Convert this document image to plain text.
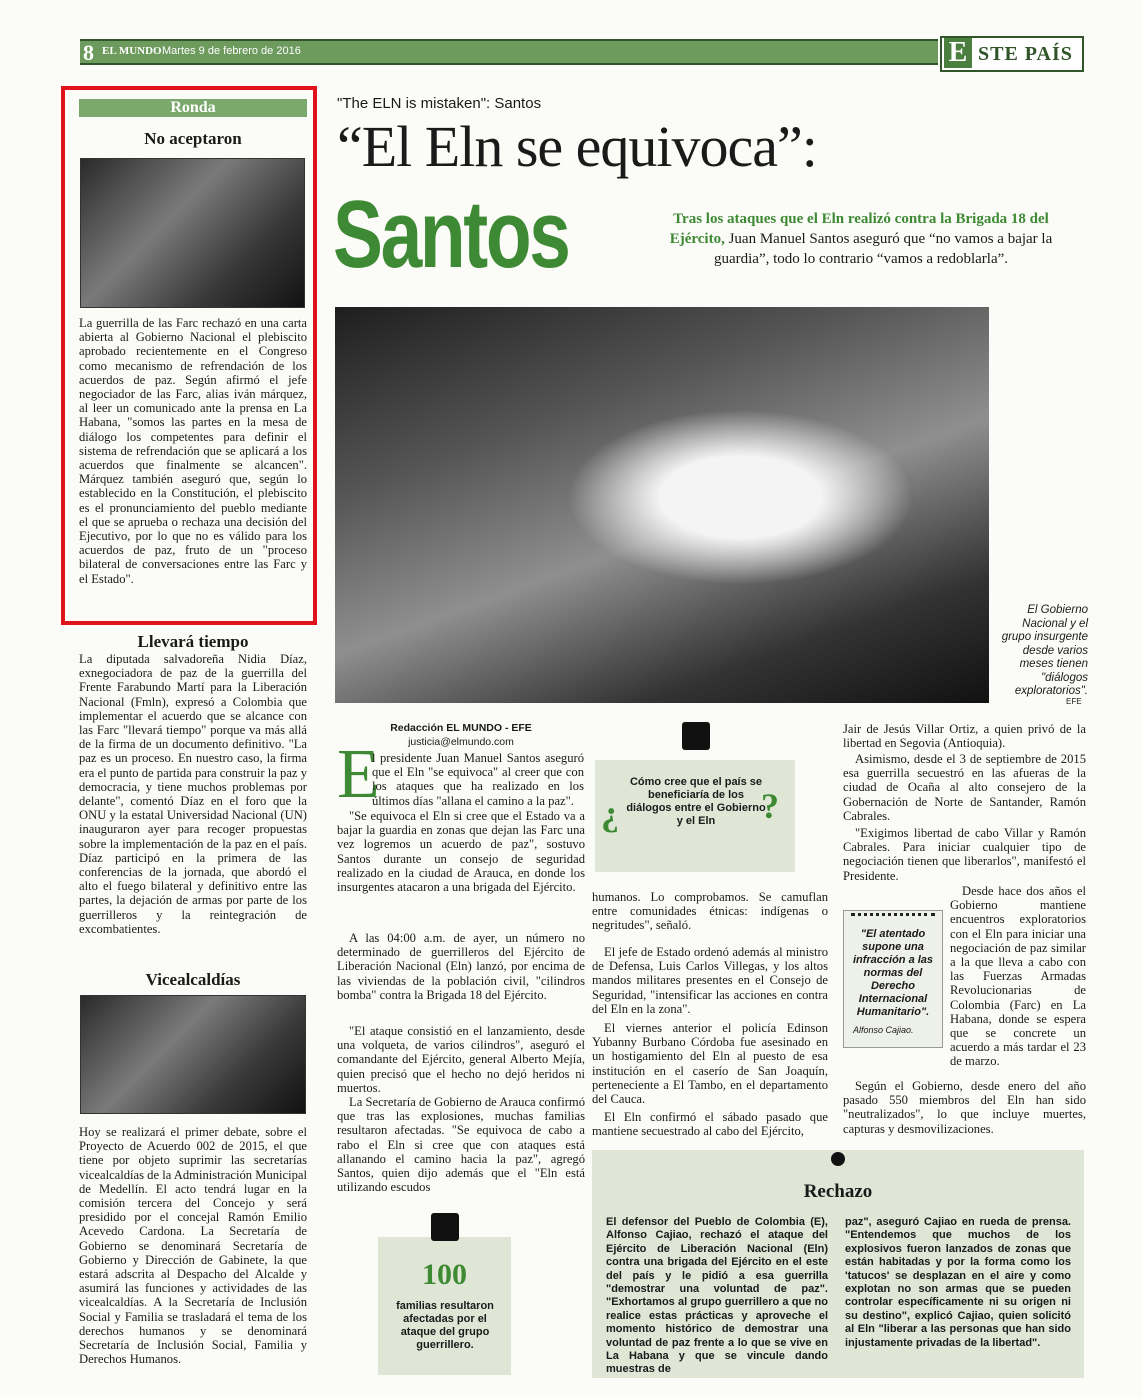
8 EL MUNDO Martes 9 de febrero de 2016	E STE PAÍS
Ronda
No aceptaron
La guerrilla de las Farc rechazó en una carta abierta al Gobierno Nacional el plebiscito aprobado recientemente en el Congreso como mecanismo de refrendación de los acuerdos de paz. Según afirmó el jefe negociador de las Farc, alias iván márquez, al leer un comunicado ante la prensa en La Habana, "somos las partes en la mesa de diálogo los competentes para definir el sistema de refrendación que se aplicará a los acuerdos que finalmente se alcancen". Márquez también aseguró que, según lo establecido en la Constitución, el plebiscito es el pronunciamiento del pueblo mediante el que se aprueba o rechaza una decisión del Ejecutivo, por lo que no es válido para los acuerdos de paz, fruto de un "proceso bilateral de conversaciones entre las Farc y el Estado".
Llevará tiempo
La diputada salvadoreña Nidia Díaz, exnegociadora de paz de la guerrilla del Frente Farabundo Martí para la Liberación Nacional (Fmln), expresó a Colombia que implementar el acuerdo que se alcance con las Farc "llevará tiempo" porque va más allá de la firma de un documento definitivo. "La paz es un proceso. En nuestro caso, la firma era el punto de partida para construir la paz y democracia, y tiene muchos problemas por delante", comentó Díaz en el foro que la ONU y la estatal Universidad Nacional (UN) inauguraron ayer para recoger propuestas sobre la implementación de la paz en el país. Díaz participó en la primera de las conferencias de la jornada, que abordó el alto el fuego bilateral y definitivo entre las partes, la dejación de armas por parte de los guerrilleros y la reintegración de excombatientes.
Vicealcaldías
Hoy se realizará el primer debate, sobre el Proyecto de Acuerdo 002 de 2015, el que tiene por objeto suprimir las secretarías vicealcaldías de la Administración Municipal de Medellín. El acto tendrá lugar en la comisión tercera del Concejo y será presidido por el concejal Ramón Emilio Acevedo Cardona. La Secretaría de Gobierno se denominará Secretaría de Gobierno y Dirección de Gabinete, la que estará adscrita al Despacho del Alcalde y asumirá las funciones y actividades de las vicealcaldías. A la Secretaría de Inclusión Social y Familia se trasladará el tema de los derechos humanos y se denominará Secretaría de Inclusión Social, Familia y Derechos Humanos.
"The ELN is mistaken": Santos
“El Eln se equivoca”:
Santos	Tras los ataques que el Eln realizó contra la Brigada 18 del Ejército, Juan Manuel Santos aseguró que “no vamos a bajar la guardia”, todo lo contrario “vamos a redoblarla”.
El Gobierno Nacional y el grupo insurgente desde varios meses tienen "diálogos exploratorios".
EFE
Redacción EL MUNDO - EFE
justicia@elmundo.com
E
l presidente Juan Manuel Santos aseguró que el Eln "se equivoca" al creer que con los ataques que ha realizado en los últimos días "allana el camino a la paz".
"Se equivoca el Eln si cree que el Estado va a bajar la guardia en zonas que dejan las Farc una vez logremos un acuerdo de paz", sostuvo Santos durante un consejo de seguridad realizado en la ciudad de Arauca, en donde los insurgentes atacaron a una brigada del Ejército.
A las 04:00 a.m. de ayer, un número no determinado de guerrilleros del Ejército de Liberación Nacional (Eln) lanzó, por encima de las viviendas de la población civil, "cilindros bomba" contra la Brigada 18 del Ejército.
"El ataque consistió en el lanzamiento, desde una volqueta, de varios cilindros", aseguró el comandante del Ejército, general Alberto Mejía, quien precisó que el hecho no dejó heridos ni muertos.
La Secretaría de Gobierno de Arauca confirmó que tras las explosiones, muchas familias resultaron afectadas. "Se equivoca de cabo a rabo el Eln si cree que con ataques está allanando el camino hacia la paz", agregó Santos, quien dijo además que el "Eln está utilizando escudos
¿
Cómo cree que el país se beneficiaría de los diálogos entre el Gobierno y el Eln	?
humanos. Lo comprobamos. Se camuflan entre comunidades étnicas: indígenas o negritudes", señaló.
El jefe de Estado ordenó además al ministro de Defensa, Luis Carlos Villegas, y los altos mandos militares presentes en el Consejo de Seguridad, "intensificar las acciones en contra del Eln en la zona".
El viernes anterior el policía Edinson Yubanny Burbano Córdoba fue asesinado en un hostigamiento del Eln al puesto de esa institución en el caserío de San Joaquín, perteneciente a El Tambo, en el departamento del Cauca.
El Eln confirmó el sábado pasado que mantiene secuestrado al cabo del Ejército,
Jair de Jesús Villar Ortiz, a quien privó de la libertad en Segovia (Antioquia).
Asimismo, desde el 3 de septiembre de 2015 esa guerrilla secuestró en las afueras de la ciudad de Ocaña al alto consejero de la Gobernación de Norte de Santander, Ramón Cabrales.
"Exigimos libertad de cabo Villar y Ramón Cabrales. Para iniciar cualquier tipo de negociación tienen que liberarlos", manifestó el Presidente.
Desde hace dos años el Gobierno mantiene encuentros exploratorios con el Eln para iniciar una negociación de paz similar a la que lleva a cabo con las Fuerzas Armadas Revolucionarias de Colombia (Farc) en La Habana, donde se espera que se concrete un acuerdo a más tardar el 23 de marzo.
Según el Gobierno, desde enero del año pasado 550 miembros del Eln han sido "neutralizados", lo que incluye muertes, capturas y desmovilizaciones.
"El atentado supone una infracción a las normas del Derecho Internacional Humanitario".
Alfonso Cajiao.
100
familias resultaron afectadas por el ataque del grupo guerrillero.
Rechazo
El defensor del Pueblo de Colombia (E), Alfonso Cajiao, rechazó el ataque del Ejército de Liberación Nacional (Eln) contra una brigada del Ejército en el este del país y le pidió a esa guerrilla "demostrar una voluntad de paz". "Exhortamos al grupo guerrillero a que no realice estas prácticas y aproveche el momento histórico de demostrar una voluntad de paz frente a lo que se vive en La Habana y que se vincule dando muestras de
paz", aseguró Cajiao en rueda de prensa. "Entendemos que muchos de los explosivos fueron lanzados de zonas que están habitadas y por la forma como los 'tatucos' se desplazan en el aire y como explotan no son armas que se pueden controlar específicamente ni su origen ni su destino", explicó Cajiao, quien solicitó al Eln "liberar a las personas que han sido injustamente privadas de la libertad".
